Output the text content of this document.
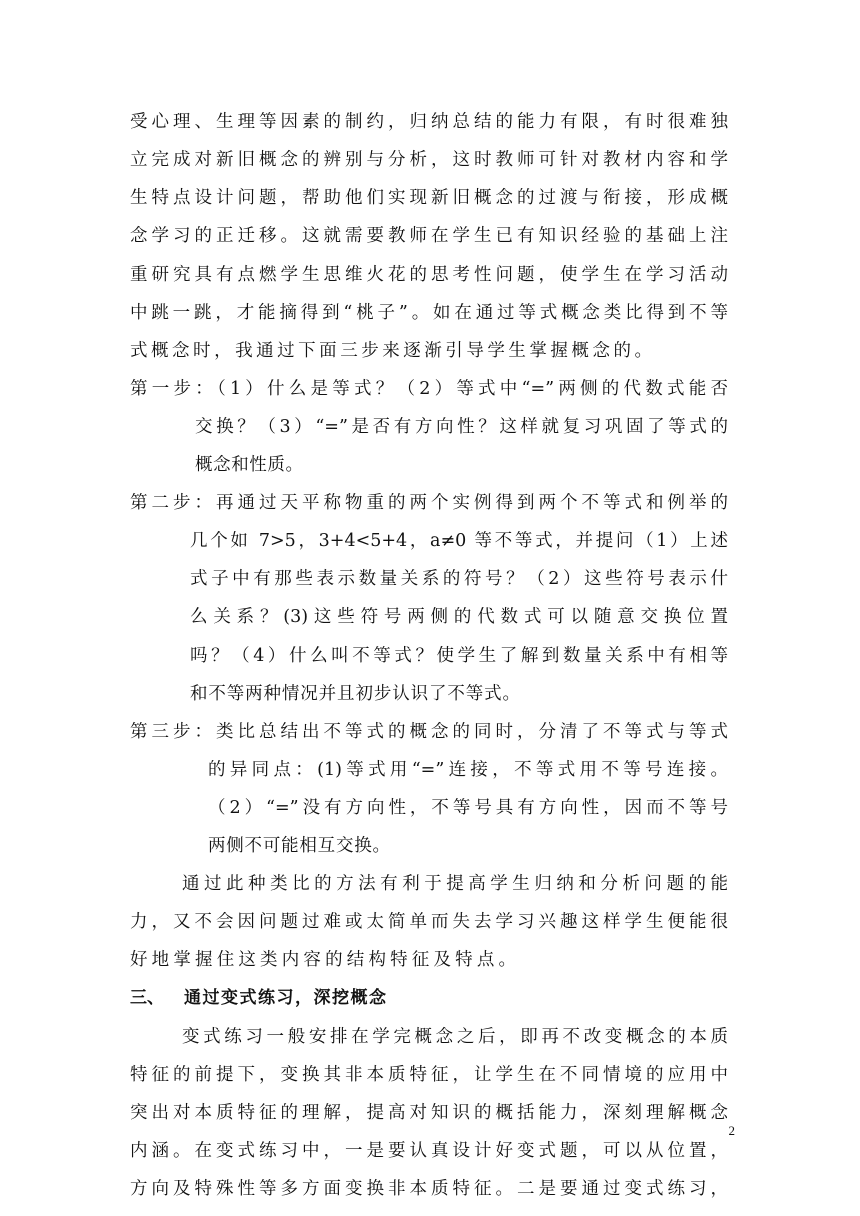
受心理、生理等因素的制约，归纳总结的能力有限，有时很难独
立完成对新旧概念的辨别与分析，这时教师可针对教材内容和学
生特点设计问题，帮助他们实现新旧概念的过渡与衔接，形成概
念学习的正迁移。这就需要教师在学生已有知识经验的基础上注
重研究具有点燃学生思维火花的思考性问题，使学生在学习活动
中跳一跳，才能摘得到“桃子”。如在通过等式概念类比得到不等
式概念时，我通过下面三步来逐渐引导学生掌握概念的。
第一步：（1）什么是等式？（2）等式中“=”两侧的代数式能否
交换？（3）“=”是否有方向性？这样就复习巩固了等式的
概念和性质。
第二步：再通过天平称物重的两个实例得到两个不等式和例举的
几个如 7>5，3+4<5+4，a≠0 等不等式，并提问（1）上述
式子中有那些表示数量关系的符号？（2）这些符号表示什
么关系？(3)这些符号两侧的代数式可以随意交换位置
吗？（4）什么叫不等式？使学生了解到数量关系中有相等
和不等两种情况并且初步认识了不等式。
第三步：类比总结出不等式的概念的同时，分清了不等式与等式
的异同点：(1)等式用“=”连接，不等式用不等号连接。
（2）“=”没有方向性，不等号具有方向性，因而不等号
两侧不可能相互交换。
通过此种类比的方法有利于提高学生归纳和分析问题的能
力，又不会因问题过难或太简单而失去学习兴趣这样学生便能很
好地掌握住这类内容的结构特征及特点。
三、 通过变式练习，深挖概念
变式练习一般安排在学完概念之后，即再不改变概念的本质
特征的前提下，变换其非本质特征，让学生在不同情境的应用中
突出对本质特征的理解，提高对知识的概括能力，深刻理解概念
内涵。在变式练习中，一是要认真设计好变式题，可以从位置，
方向及特殊性等多方面变换非本质特征。二是要通过变式练习，
2
